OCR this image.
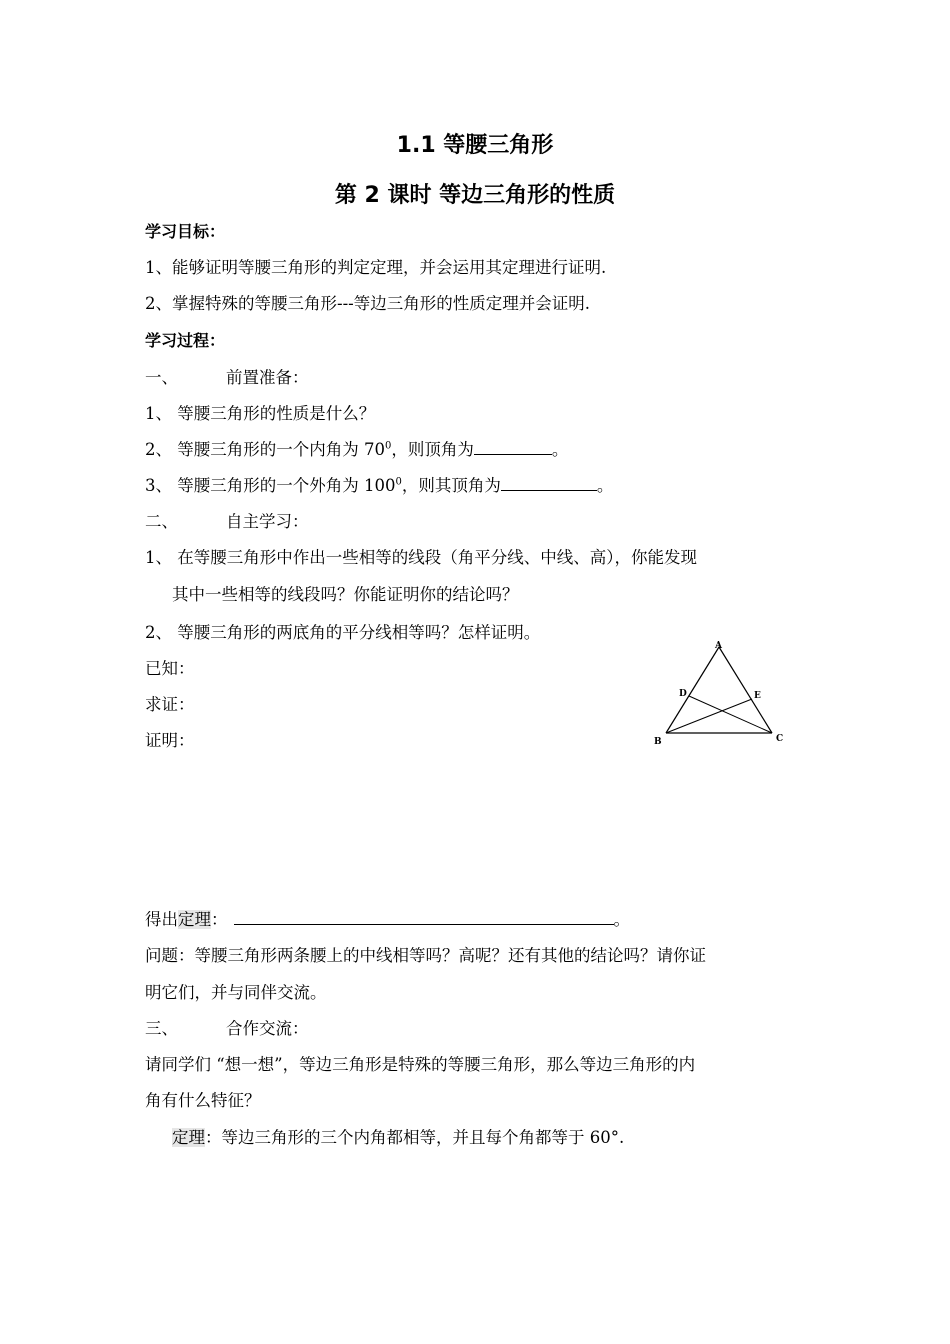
1.1 等腰三角形
第 2 课时 等边三角形的性质
学习目标：
1、能够证明等腰三角形的判定定理，并会运用其定理进行证明.
2、掌握特殊的等腰三角形---等边三角形的性质定理并会证明.
学习过程：
一、	前置准备：
1、 等腰三角形的性质是什么？
2、 等腰三角形的一个内角为 $70^0$，则顶角为	。
3、 等腰三角形的一个外角为 $100^0$，则其顶角为	。
二、	自主学习：
1、 在等腰三角形中作出一些相等的线段（角平分线、中线、高），你能发现
其中一些相等的线段吗？你能证明你的结论吗？
2、 等腰三角形的两底角的平分线相等吗？怎样证明。
已知：
求证：
证明：
A
B	C
D	E
得出定理：	。
问题：等腰三角形两条腰上的中线相等吗？高呢？还有其他的结论吗？请你证
明它们，并与同伴交流。
三、	合作交流：
请同学们 “想一想”，等边三角形是特殊的等腰三角形，那么等边三角形的内
角有什么特征？
定理：等边三角形的三个内角都相等，并且每个角都等于 60°.
